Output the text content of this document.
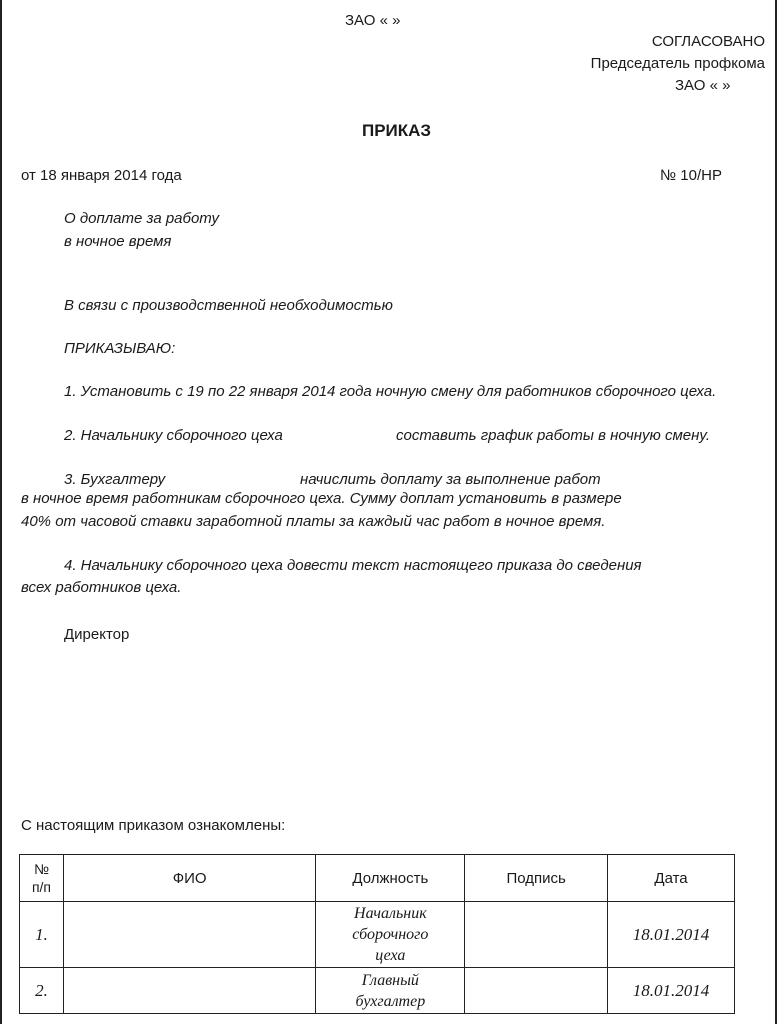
ЗАО « »
СОГЛАСОВАНО
Председатель профкома
ЗАО « »
ПРИКАЗ
от 18 января 2014 года	№ 10/НР
О доплате за работу
в ночное время
В связи с производственной необходимостью
ПРИКАЗЫВАЮ:
1. Установить с 19 по 22 января 2014 года ночную смену для работников сборочного цеха.
2. Начальнику сборочного цеха	составить график работы в ночную смену.
3. Бухгалтеру	начислить доплату за выполнение работ
в ночное время работникам сборочного цеха. Сумму доплат установить в размере
40% от часовой ставки заработной платы за каждый час работ в ночное время.
4. Начальнику сборочного цеха довести текст настоящего приказа до сведения
всех работников цеха.
Директор
С настоящим приказом ознакомлены:
№
п/п	ФИО	Должность	Подпись	Дата
1.		Начальник
сборочного
цеха		18.01.2014
2.		Главный
бухгалтер		18.01.2014
